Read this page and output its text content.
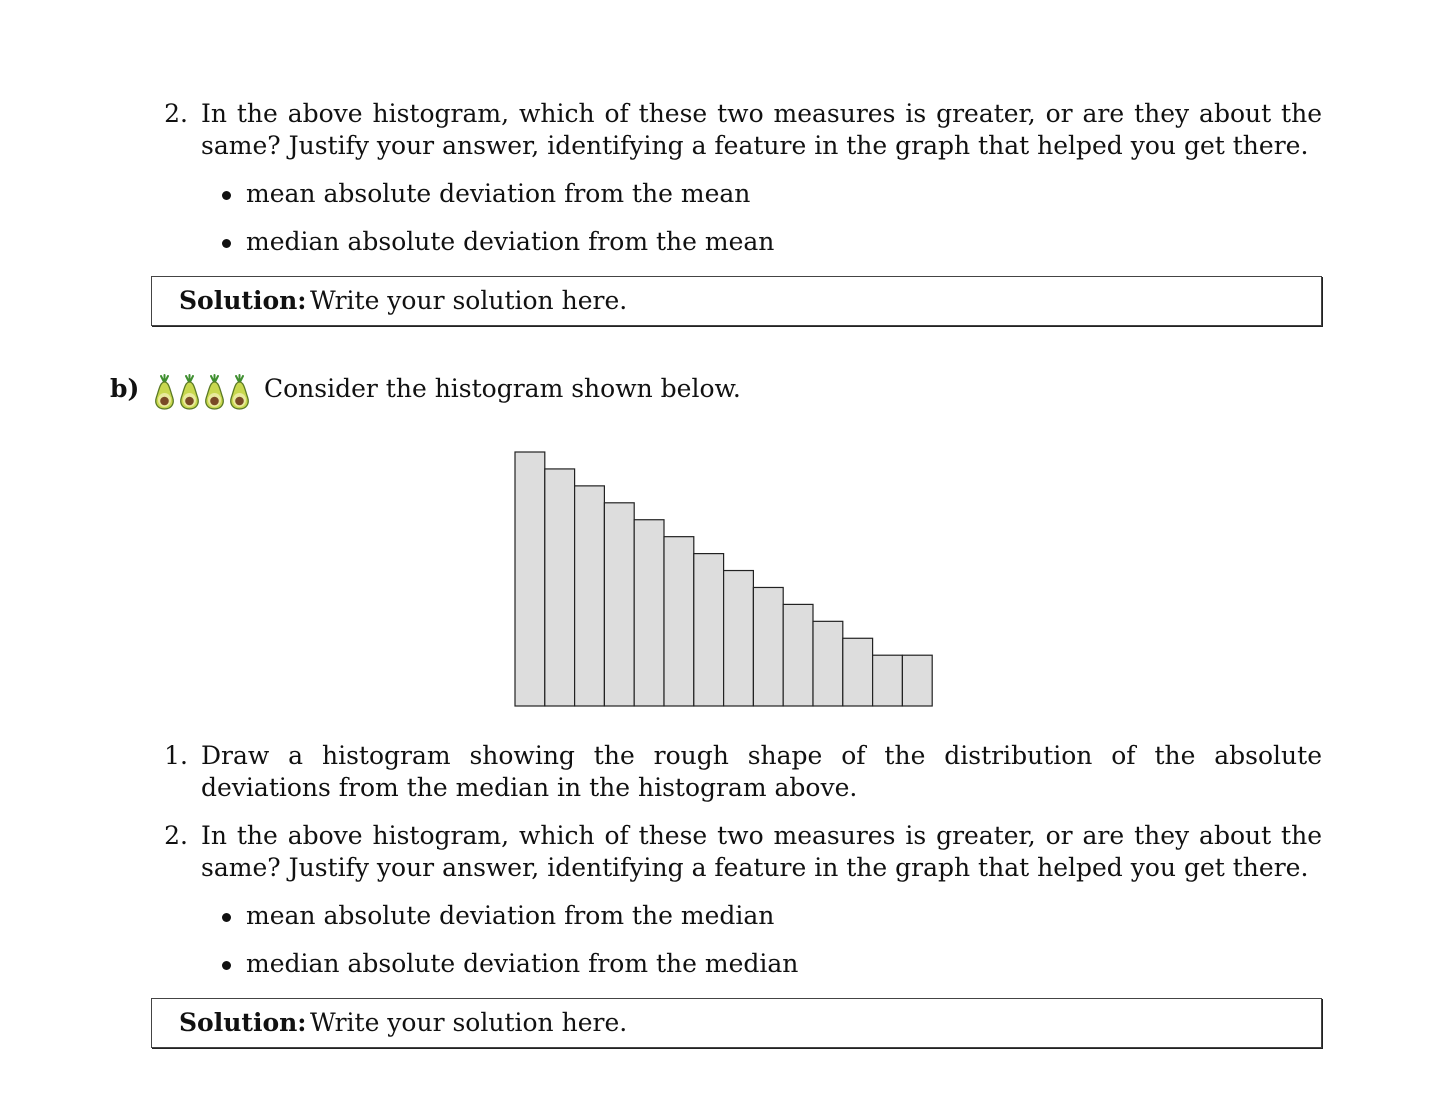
2. In the above histogram, which of these two measures is greater, or are they about the same? Justify your answer, identifying a feature in the graph that helped you get there.
mean absolute deviation from the mean
median absolute deviation from the mean
Solution: Write your solution here.
b)	Consider the histogram shown below.
1. Draw a histogram showing the rough shape of the distribution of the absolute deviations from the median in the histogram above.
2. In the above histogram, which of these two measures is greater, or are they about the same? Justify your answer, identifying a feature in the graph that helped you get there.
mean absolute deviation from the median
median absolute deviation from the median
Solution: Write your solution here.
